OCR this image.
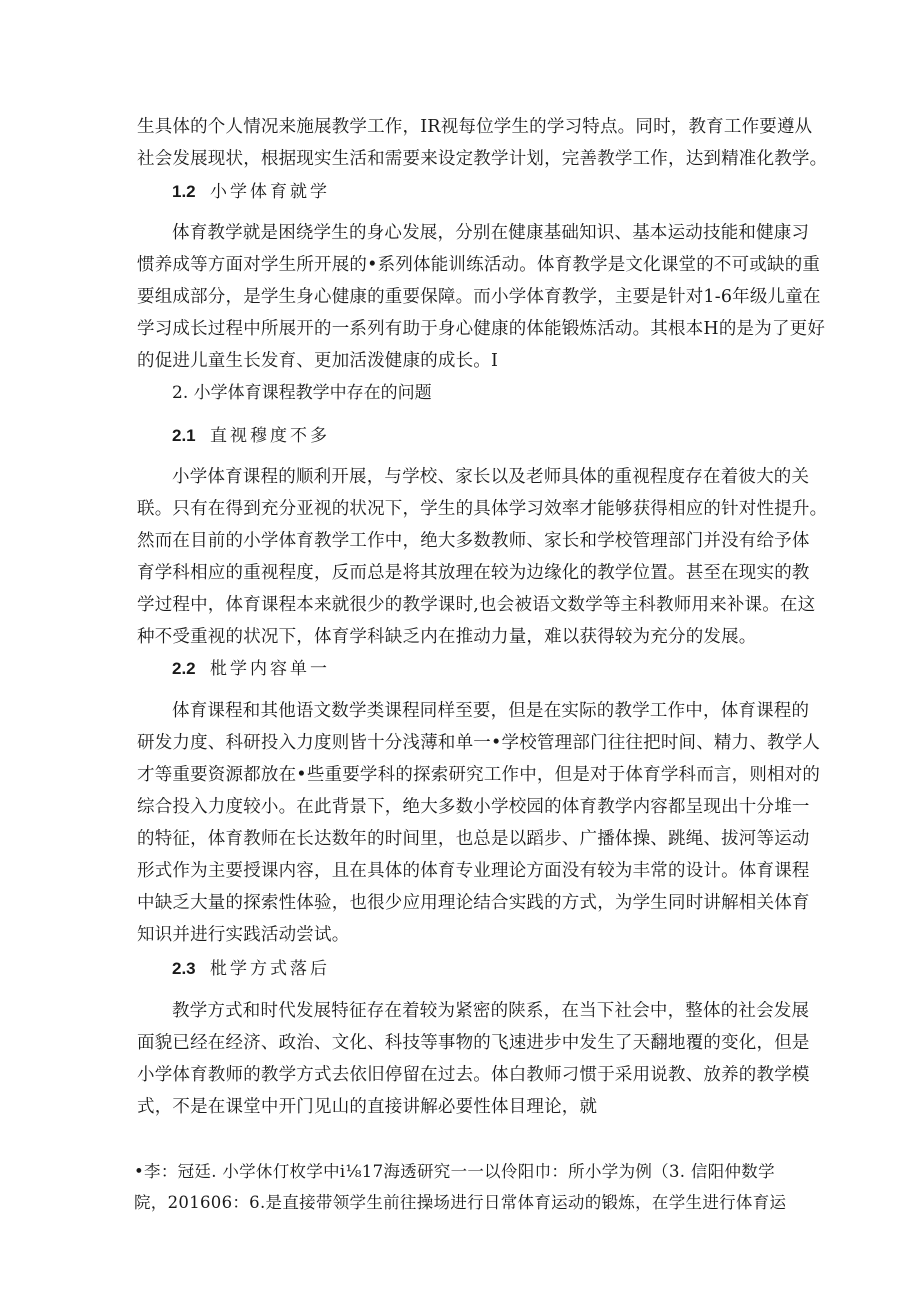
生具体的个人情况来施展教学工作，IR视每位学生的学习特点。同时，教育工作要遵从
社会发展现状，根据现实生活和需要来设定教学计划，完善教学工作，达到精准化教学。
1.2 小学体育就学
体育教学就是困绕学生的身心发展，分别在健康基础知识、基本运动技能和健康习
惯养成等方面对学生所开展的•系列体能训练活动。体育教学是文化课堂的不可或缺的重
要组成部分，是学生身心健康的重要保障。而小学体育教学，主要是针对1-6年级儿童在
学习成长过程中所展开的一系列有助于身心健康的体能锻炼活动。其根本H的是为了更好
的促进儿童生长发育、更加活泼健康的成长。I
2. 小学体育课程教学中存在的问题
2.1 直视穆度不多
小学体育课程的顺利开展，与学校、家长以及老师具体的重视程度存在着彼大的关
联。只有在得到充分亚视的状况下，学生的具体学习效率才能够获得相应的针对性提升。
然而在目前的小学体育教学工作中，绝大多数教师、家长和学校管理部门并没有给予体
育学科相应的重视程度，反而总是将其放理在较为边缘化的教学位置。甚至在现实的教
学过程中，体育课程本来就很少的教学课时,也会被语文数学等主科教师用来补课。在这
种不受重视的状况下，体育学科缺乏内在推动力量，难以获得较为充分的发展。
2.2 枇学内容单一
体育课程和其他语文数学类课程同样至要，但是在实际的教学工作中，体育课程的
研发力度、科研投入力度则皆十分浅薄和单一•学校管理部门往往把时间、精力、教学人
才等重要资源都放在•些重要学科的探索研究工作中，但是对于体育学科而言，则相对的
综合投入力度较小。在此背景下，绝大多数小学校园的体育教学内容都呈现出十分堆一
的特征，体育教师在长达数年的时间里，也总是以蹈步、广播体操、跳绳、拔河等运动
形式作为主要授课内容，且在具体的体育专业理论方面没有较为丰常的设计。体育课程
中缺乏大量的探索性体验，也很少应用理论结合实践的方式，为学生同时讲解相关体育
知识并进行实践活动尝试。
2.3 枇学方式落后
教学方式和时代发展特征存在着较为紧密的陕系，在当下社会中，整体的社会发展
面貌已经在经济、政治、文化、科技等事物的飞速进步中发生了天翻地覆的变化，但是
小学体育教师的教学方式去依旧停留在过去。体白教师刁惯于采用说教、放养的教学模
式，不是在课堂中开门见山的直接讲解必要性体目理论，就
•李：冠廷. 小学休仃枚学中i⅛17海透研究一一以伶阳巾：所小学为例（3. 信阳仲数学
院，201606：6.是直接带领学生前往操场进行日常体育运动的锻炼，在学生进行体育运
